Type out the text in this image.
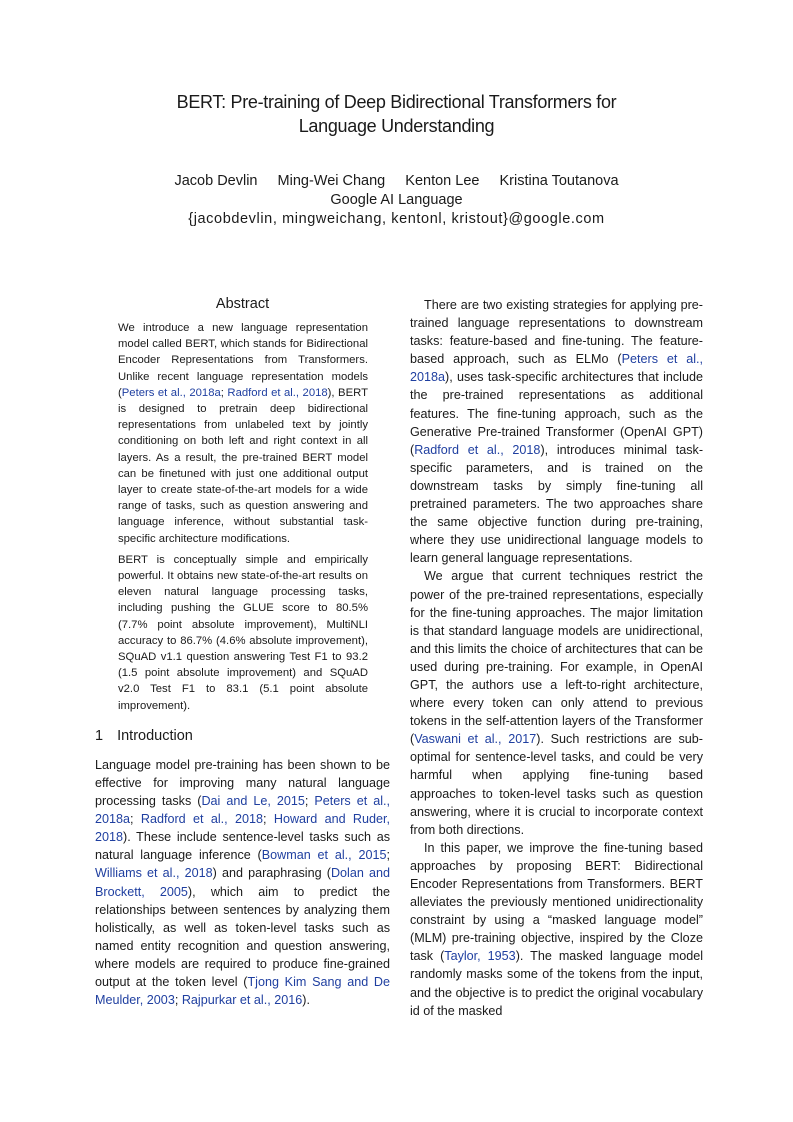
BERT: Pre-training of Deep Bidirectional Transformers for
Language Understanding
Jacob Devlin Ming-Wei Chang Kenton Lee Kristina Toutanova
Google AI Language
{jacobdevlin, mingweichang, kentonl, kristout}@google.com
Abstract

We introduce a new language representation model called BERT, which stands for Bidirectional Encoder Representations from Transformers. Unlike recent language representation models (Peters et al., 2018a; Radford et al., 2018), BERT is designed to pretrain deep bidirectional representations from unlabeled text by jointly conditioning on both left and right context in all layers. As a result, the pre-trained BERT model can be finetuned with just one additional output layer to create state-of-the-art models for a wide range of tasks, such as question answering and language inference, without substantial task-specific architecture modifications.

BERT is conceptually simple and empirically powerful. It obtains new state-of-the-art results on eleven natural language processing tasks, including pushing the GLUE score to 80.5% (7.7% point absolute improvement), MultiNLI accuracy to 86.7% (4.6% absolute improvement), SQuAD v1.1 question answering Test F1 to 93.2 (1.5 point absolute improvement) and SQuAD v2.0 Test F1 to 83.1 (5.1 point absolute improvement).

1 Introduction

Language model pre-training has been shown to be effective for improving many natural language processing tasks (Dai and Le, 2015; Peters et al., 2018a; Radford et al., 2018; Howard and Ruder, 2018). These include sentence-level tasks such as natural language inference (Bowman et al., 2015; Williams et al., 2018) and paraphrasing (Dolan and Brockett, 2005), which aim to predict the relationships between sentences by analyzing them holistically, as well as token-level tasks such as named entity recognition and question answering, where models are required to produce fine-grained output at the token level (Tjong Kim Sang and De Meulder, 2003; Rajpurkar et al., 2016).

There are two existing strategies for applying pre-trained language representations to downstream tasks: feature-based and fine-tuning. The feature-based approach, such as ELMo (Peters et al., 2018a), uses task-specific architectures that include the pre-trained representations as additional features. The fine-tuning approach, such as the Generative Pre-trained Transformer (OpenAI GPT) (Radford et al., 2018), introduces minimal task-specific parameters, and is trained on the downstream tasks by simply fine-tuning all pretrained parameters. The two approaches share the same objective function during pre-training, where they use unidirectional language models to learn general language representations.

We argue that current techniques restrict the power of the pre-trained representations, especially for the fine-tuning approaches. The major limitation is that standard language models are unidirectional, and this limits the choice of architectures that can be used during pre-training. For example, in OpenAI GPT, the authors use a left-to-right architecture, where every token can only attend to previous tokens in the self-attention layers of the Transformer (Vaswani et al., 2017). Such restrictions are sub-optimal for sentence-level tasks, and could be very harmful when applying fine-tuning based approaches to token-level tasks such as question answering, where it is crucial to incorporate context from both directions.

In this paper, we improve the fine-tuning based approaches by proposing BERT: Bidirectional Encoder Representations from Transformers. BERT alleviates the previously mentioned unidirectionality constraint by using a “masked language model” (MLM) pre-training objective, inspired by the Cloze task (Taylor, 1953). The masked language model randomly masks some of the tokens from the input, and the objective is to predict the original vocabulary id of the masked
